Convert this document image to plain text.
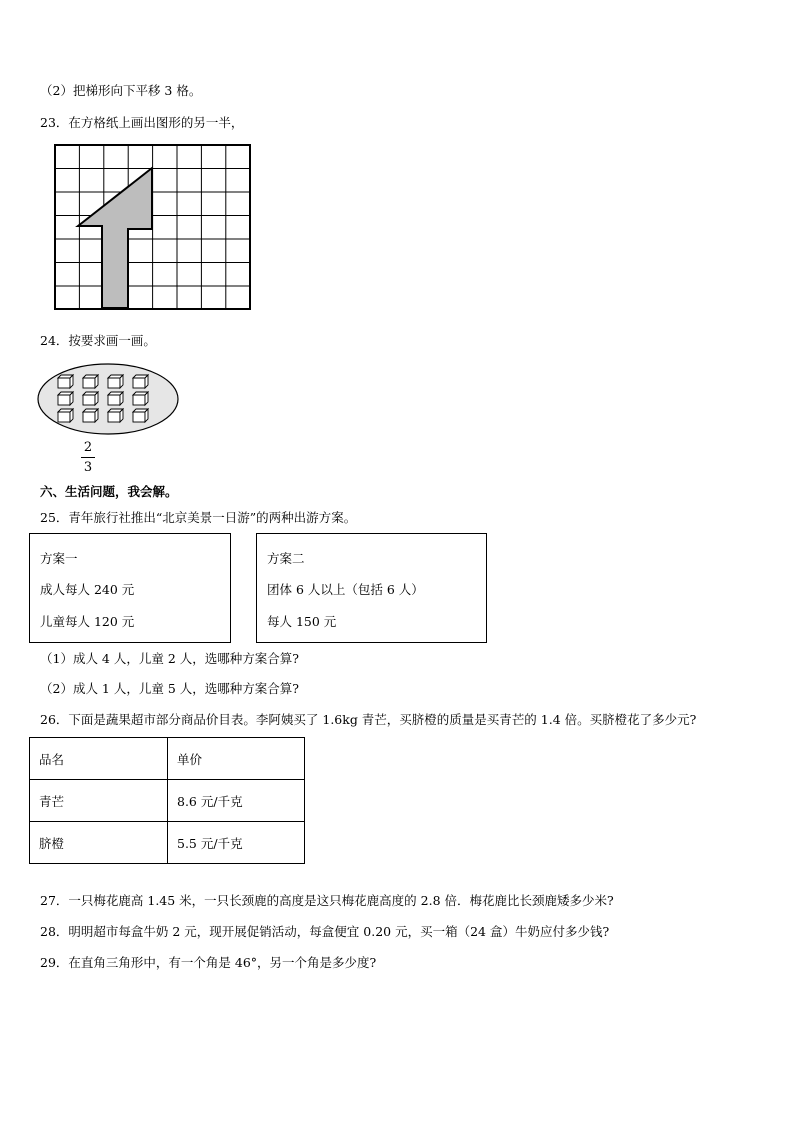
（2）把梯形向下平移 3 格。
23．在方格纸上画出图形的另一半，
24．按要求画一画。
2
3
六、生活问题，我会解。
25．青年旅行社推出“北京美景一日游”的两种出游方案。
方案一
成人每人 240 元
儿童每人 120 元
方案二
团体 6 人以上（包括 6 人）
每人 150 元
（1）成人 4 人，儿童 2 人，选哪种方案合算?
（2）成人 1 人，儿童 5 人，选哪种方案合算?
26．下面是蔬果超市部分商品价目表。李阿姨买了 1.6kg 青芒，买脐橙的质量是买青芒的 1.4 倍。买脐橙花了多少元?
品名	单价
青芒	8.6 元/千克
脐橙	5.5 元/千克
27．一只梅花鹿高 1.45 米，一只长颈鹿的高度是这只梅花鹿高度的 2.8 倍．梅花鹿比长颈鹿矮多少米?
28．明明超市每盒牛奶 2 元，现开展促销活动，每盒便宜 0.20 元，买一箱（24 盒）牛奶应付多少钱?
29．在直角三角形中，有一个角是 46°，另一个角是多少度?
